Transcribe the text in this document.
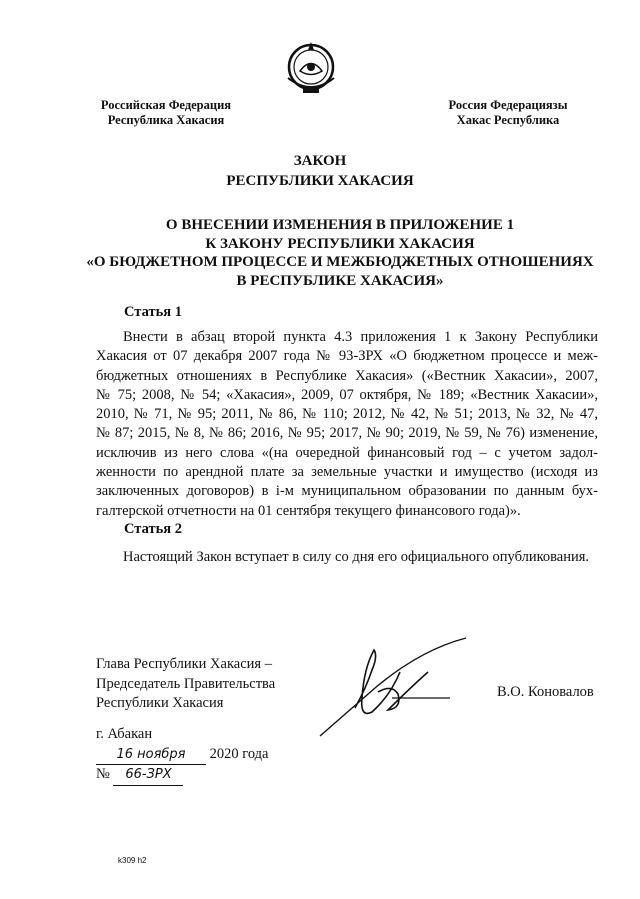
Российская Федерация
Республика Хакасия
Россия Федерациязы
Хакас Республика
ЗАКОН
РЕСПУБЛИКИ ХАКАСИЯ
О ВНЕСЕНИИ ИЗМЕНЕНИЯ В ПРИЛОЖЕНИЕ 1
К ЗАКОНУ РЕСПУБЛИКИ ХАКАСИЯ
«О БЮДЖЕТНОМ ПРОЦЕССЕ И МЕЖБЮДЖЕТНЫХ ОТНОШЕНИЯХ
В РЕСПУБЛИКЕ ХАКАСИЯ»
Статья 1
Внести в абзац второй пункта 4.3 приложения 1 к Закону Республики
Хакасия от 07 декабря 2007 года № 93-ЗРХ «О бюджетном процессе и меж-
бюджетных отношениях в Республике Хакасия» («Вестник Хакасии», 2007,
№ 75; 2008, № 54; «Хакасия», 2009, 07 октября, № 189; «Вестник Хакасии»,
2010, № 71, № 95; 2011, № 86, № 110; 2012, № 42, № 51; 2013, № 32, № 47,
№ 87; 2015, № 8, № 86; 2016, № 95; 2017, № 90; 2019, № 59, № 76) изменение,
исключив из него слова «(на очередной финансовый год – с учетом задол-
женности по арендной плате за земельные участки и имущество (исходя из
заключенных договоров) в i-м муниципальном образовании по данным бух-
галтерской отчетности на 01 сентября текущего финансового года)».
Статья 2
Настоящий Закон вступает в силу со дня его официального опубликования.
Глава Республики Хакасия –
Председатель Правительства
Республики Хакасия
В.О. Коновалов
г. Абакан
16 ноября 2020 года
№ 66-ЗРХ
k309 h2
